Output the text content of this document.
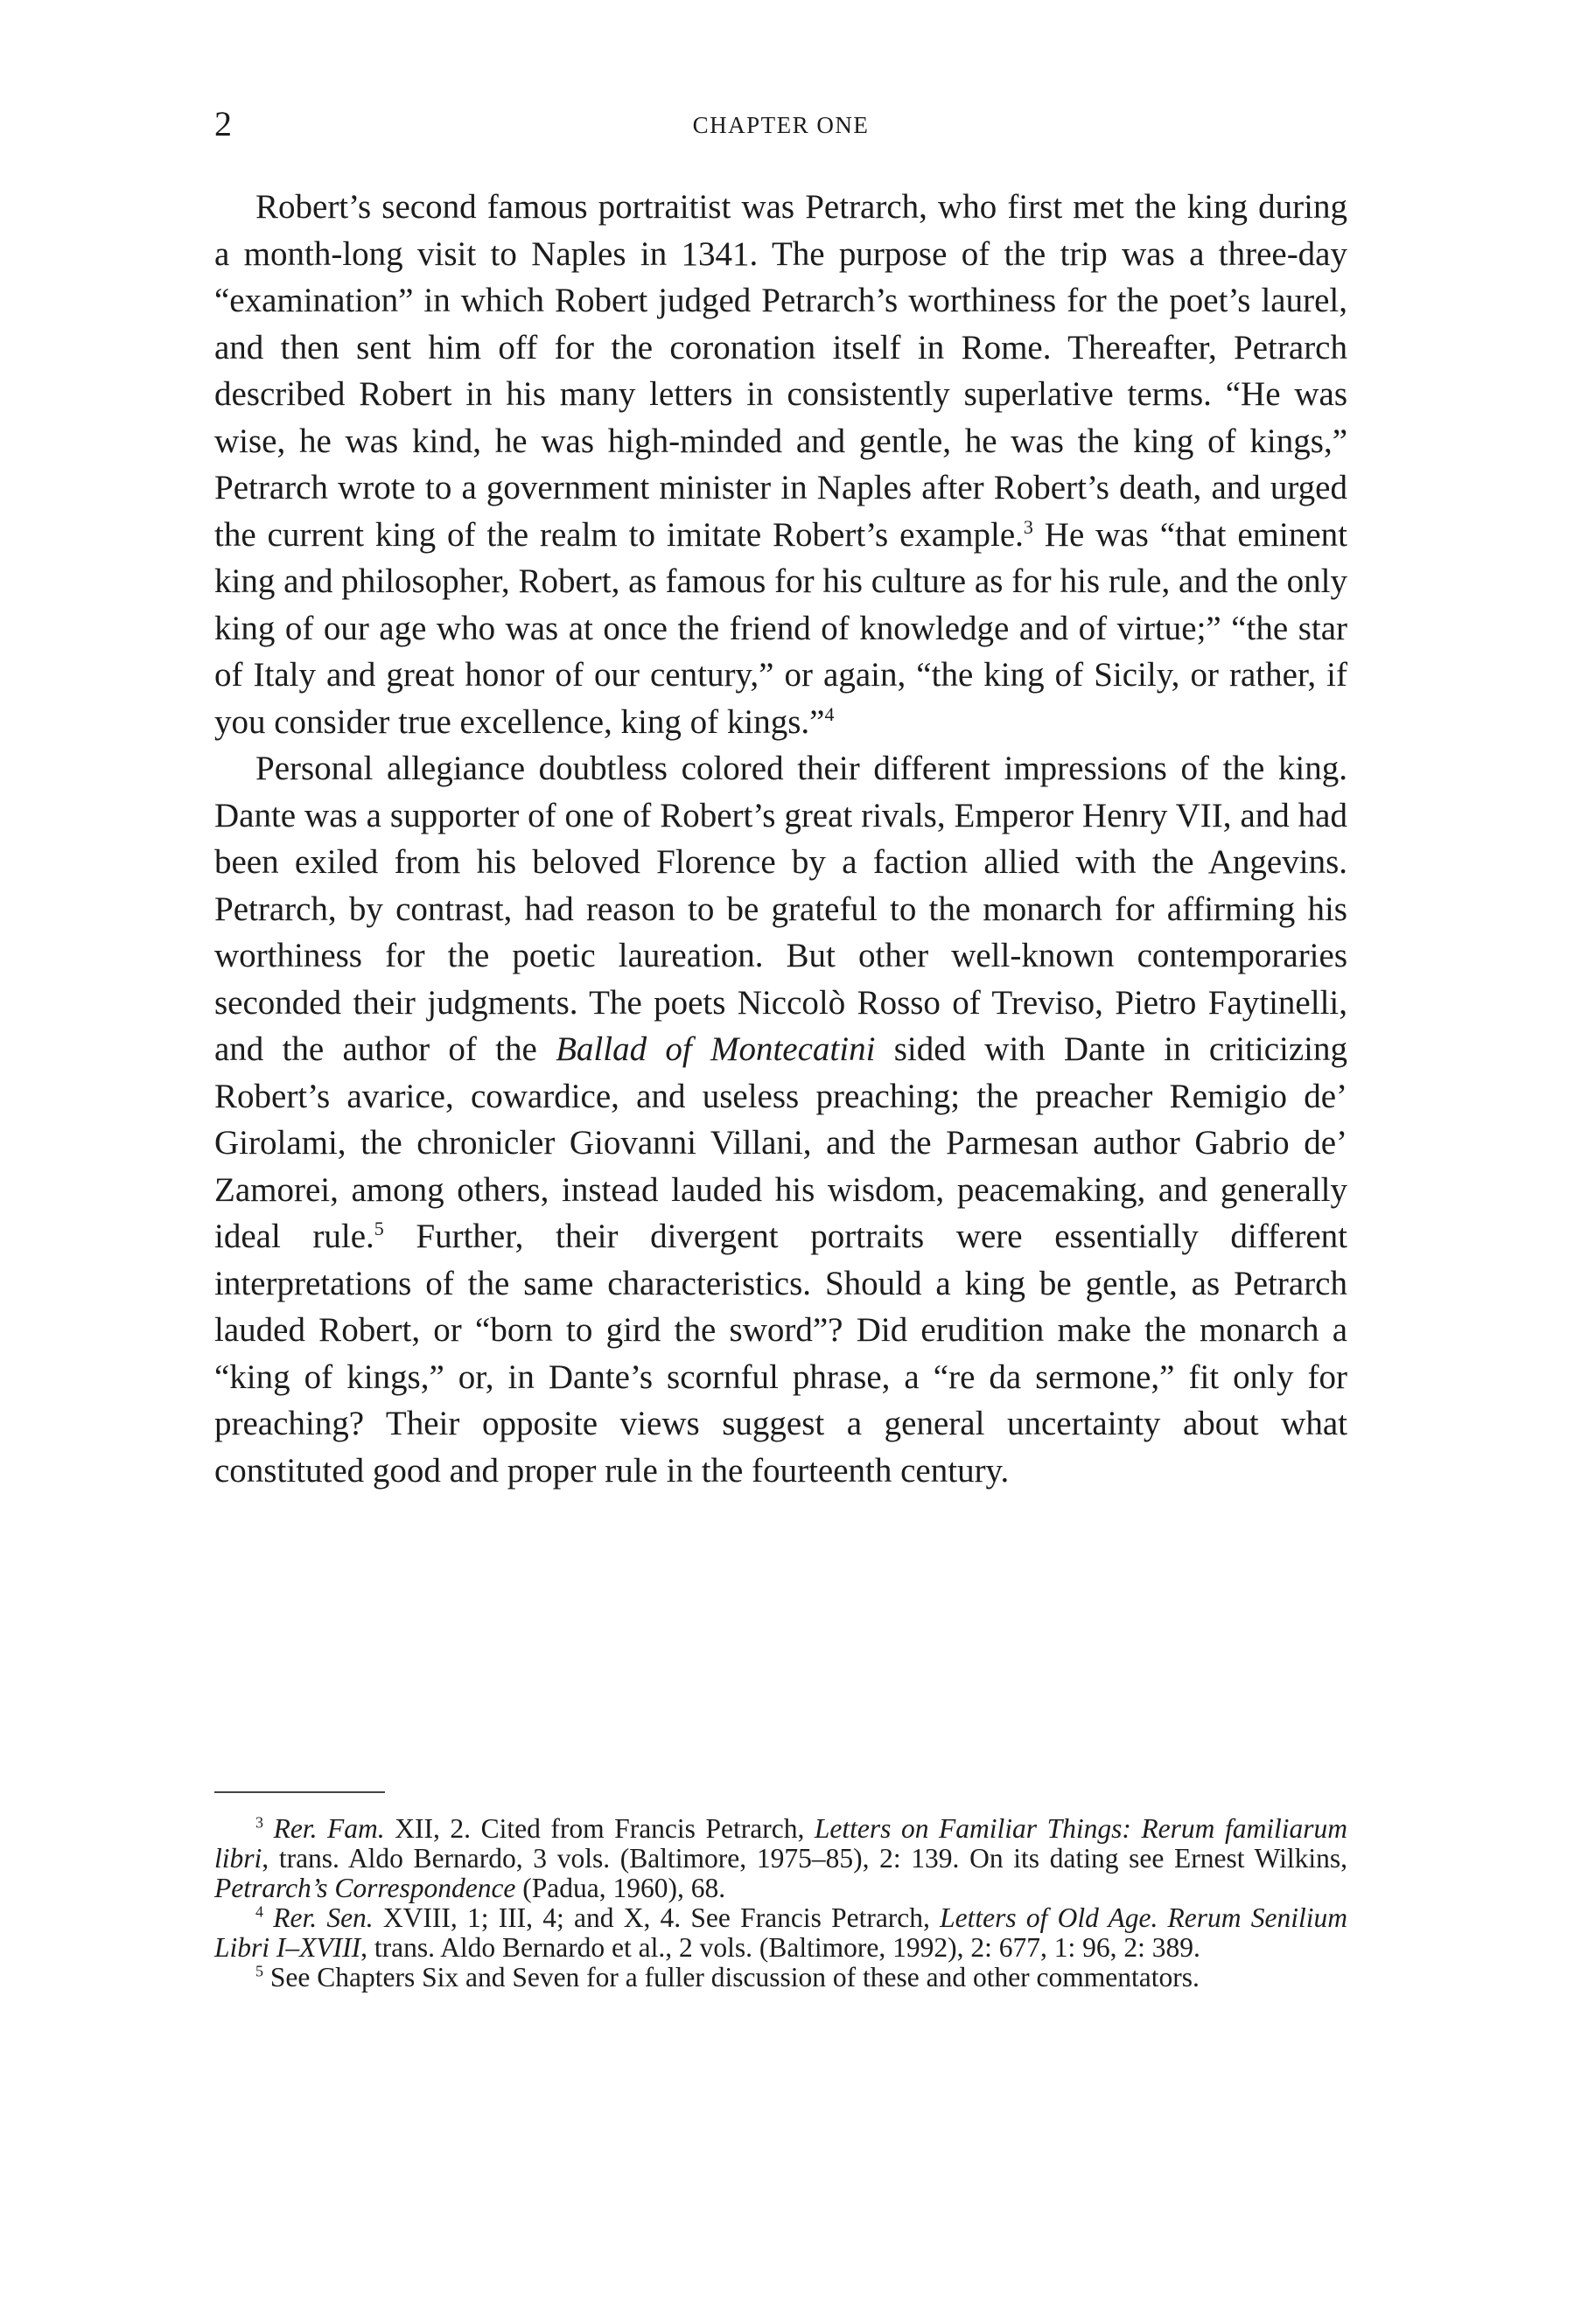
2	CHAPTER ONE

Robert’s second famous portraitist was Petrarch, who first met the king during a month-long visit to Naples in 1341. The purpose of the trip was a three-day “examination” in which Robert judged Petrarch’s worthiness for the poet’s laurel, and then sent him off for the coronation itself in Rome. Thereafter, Petrarch described Robert in his many letters in consistently superlative terms. “He was wise, he was kind, he was high-minded and gentle, he was the king of kings,” Petrarch wrote to a government minister in Naples after Robert’s death, and urged the current king of the realm to imitate Robert’s example.$^3$ He was “that eminent king and philosopher, Robert, as famous for his culture as for his rule, and the only king of our age who was at once the friend of knowledge and of virtue;” “the star of Italy and great honor of our century,” or again, “the king of Sicily, or rather, if you consider true excellence, king of kings.”$^4$

Personal allegiance doubtless colored their different impressions of the king. Dante was a supporter of one of Robert’s great rivals, Emperor Henry VII, and had been exiled from his beloved Florence by a faction allied with the Angevins. Petrarch, by contrast, had reason to be grateful to the monarch for affirming his worthiness for the poetic laureation. But other well-known contemporaries seconded their judgments. The poets Niccolò Rosso of Treviso, Pietro Faytinelli, and the author of the Ballad of Montecatini sided with Dante in criticizing Robert’s avarice, cowardice, and useless preaching; the preacher Remigio de’ Girolami, the chronicler Giovanni Villani, and the Parmesan author Gabrio de’ Zamorei, among others, instead lauded his wisdom, peacemaking, and generally ideal rule.$^5$ Further, their divergent portraits were essentially different interpretations of the same characteristics. Should a king be gentle, as Petrarch lauded Robert, or “born to gird the sword”? Did erudition make the monarch a “king of kings,” or, in Dante’s scornful phrase, a “re da sermone,” fit only for preaching? Their opposite views suggest a general uncertainty about what constituted good and proper rule in the fourteenth century.

$^3$ Rer. Fam. XII, 2. Cited from Francis Petrarch, Letters on Familiar Things: Rerum familiarum libri, trans. Aldo Bernardo, 3 vols. (Baltimore, 1975–85), 2: 139. On its dating see Ernest Wilkins, Petrarch’s Correspondence (Padua, 1960), 68.

$^4$ Rer. Sen. XVIII, 1; III, 4; and X, 4. See Francis Petrarch, Letters of Old Age. Rerum Senilium Libri I–XVIII, trans. Aldo Bernardo et al., 2 vols. (Baltimore, 1992), 2: 677, 1: 96, 2: 389.

$^5$ See Chapters Six and Seven for a fuller discussion of these and other commentators.
